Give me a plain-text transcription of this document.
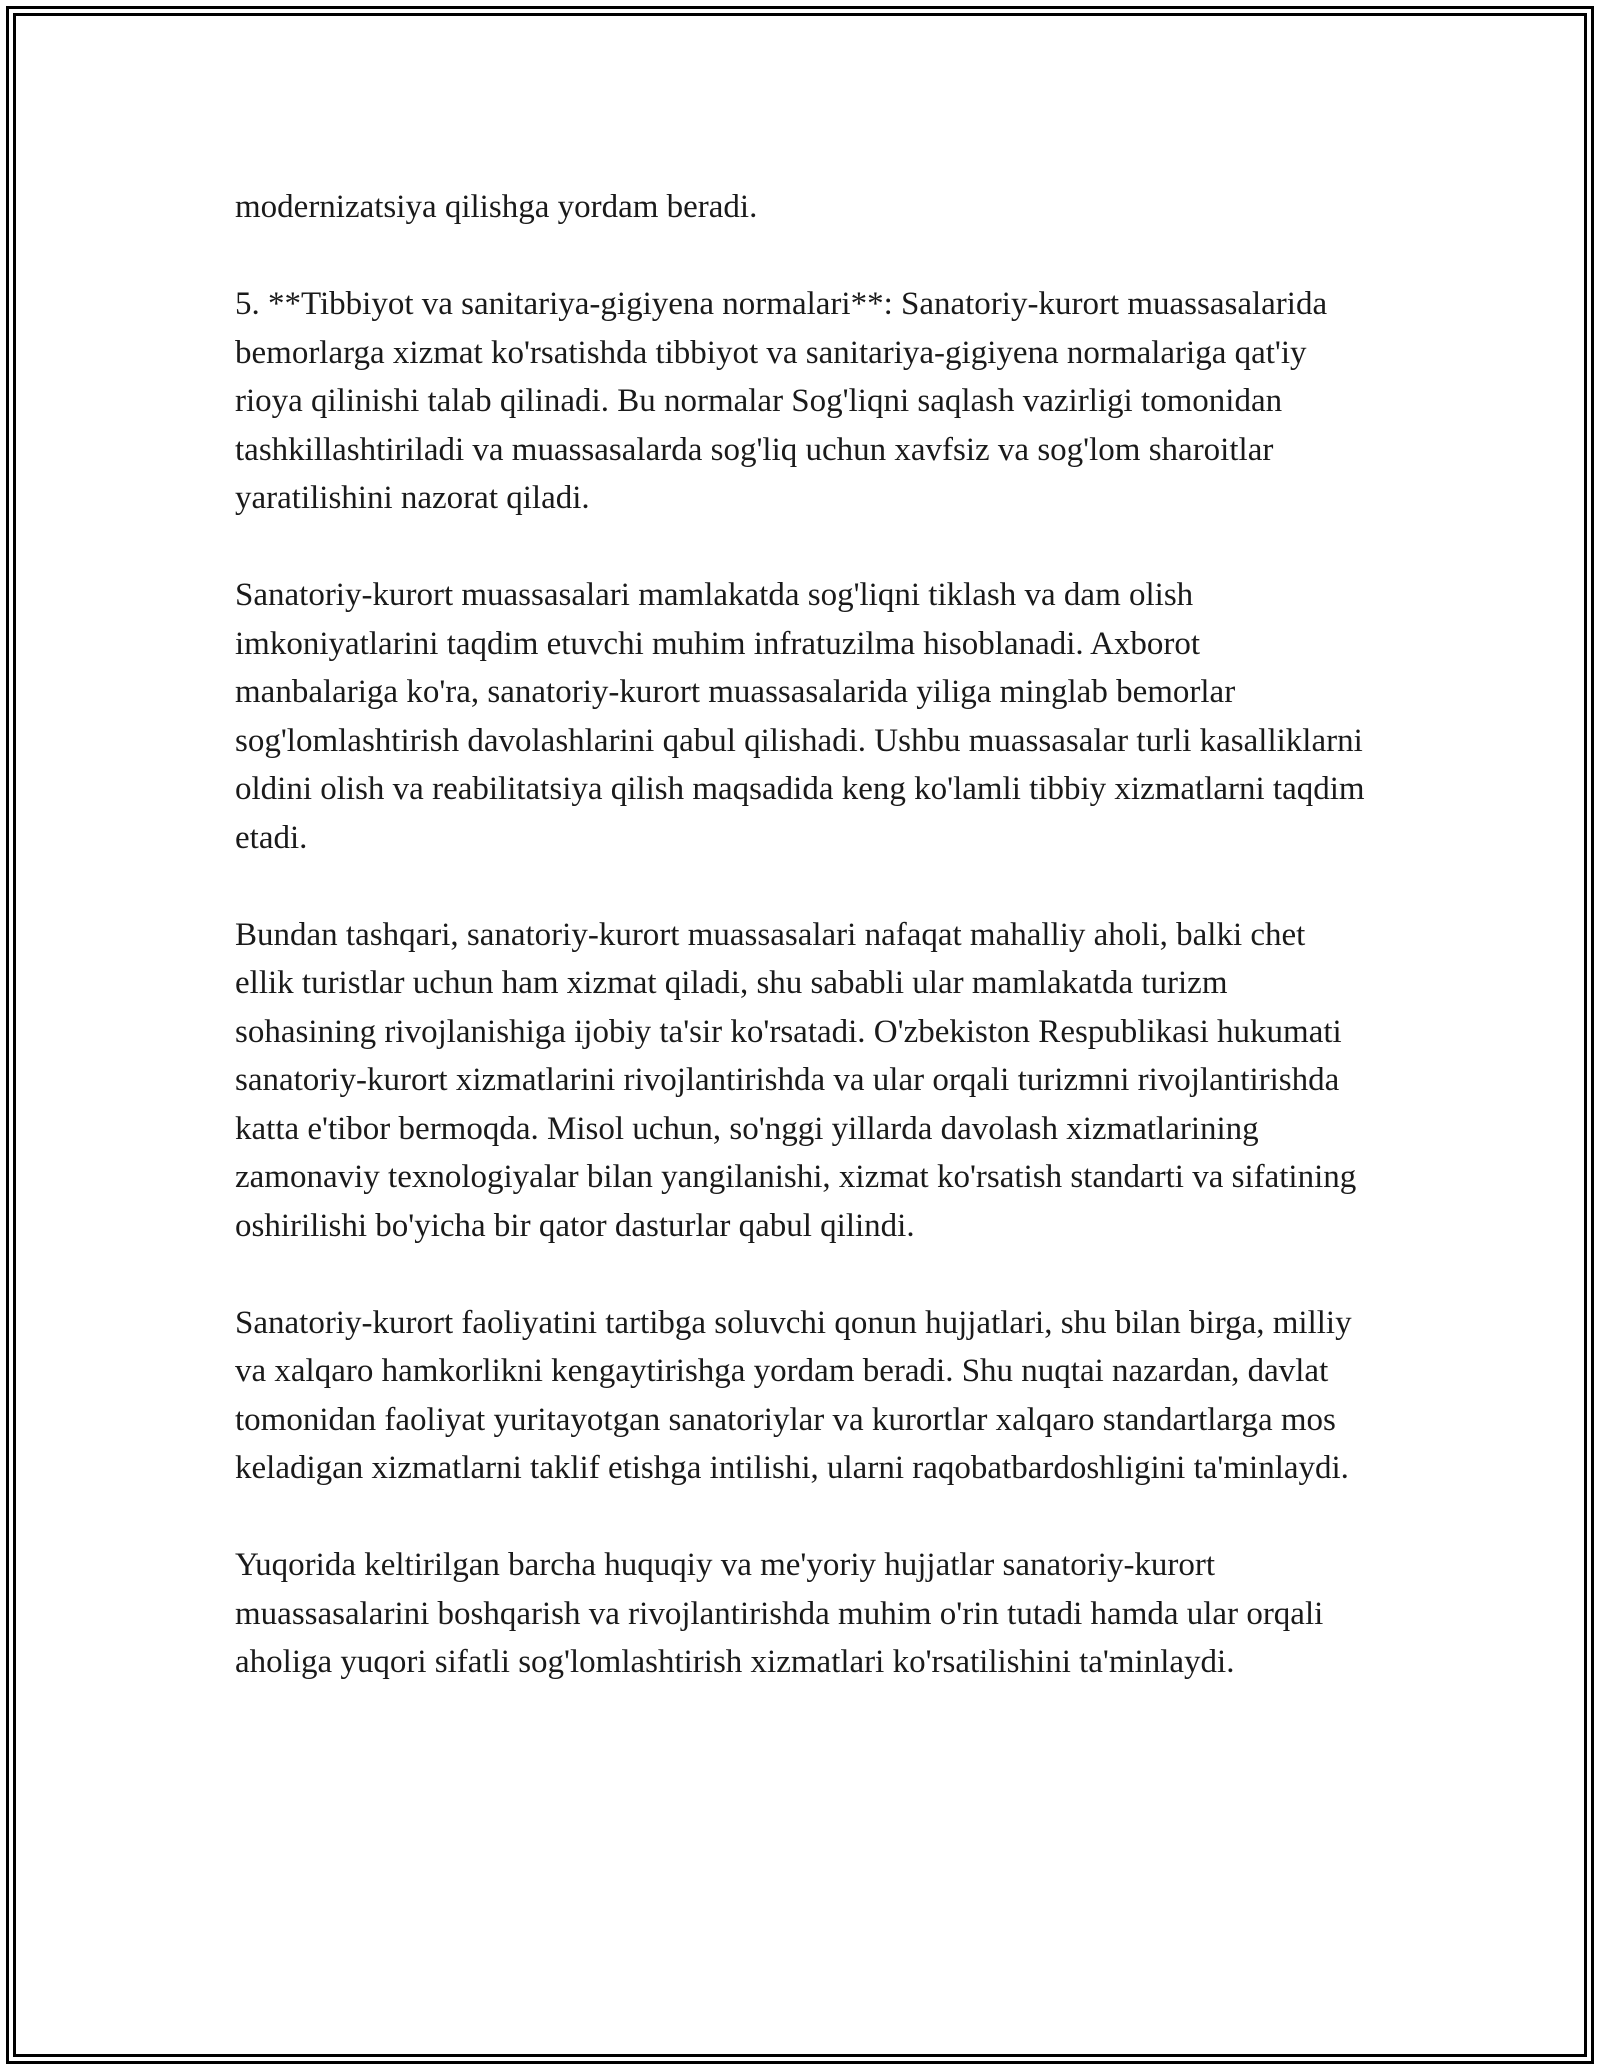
modernizatsiya qilishga yordam beradi.

5. **Tibbiyot va sanitariya-gigiyena normalari**: Sanatoriy-kurort muassasalarida bemorlarga xizmat ko'rsatishda tibbiyot va sanitariya-gigiyena normalariga qat'iy rioya qilinishi talab qilinadi. Bu normalar Sog'liqni saqlash vazirligi tomonidan tashkillashtiriladi va muassasalarda sog'liq uchun xavfsiz va sog'lom sharoitlar yaratilishini nazorat qiladi.

Sanatoriy-kurort muassasalari mamlakatda sog'liqni tiklash va dam olish imkoniyatlarini taqdim etuvchi muhim infratuzilma hisoblanadi. Axborot manbalariga ko'ra, sanatoriy-kurort muassasalarida yiliga minglab bemorlar sog'lomlashtirish davolashlarini qabul qilishadi. Ushbu muassasalar turli kasalliklarni oldini olish va reabilitatsiya qilish maqsadida keng ko'lamli tibbiy xizmatlarni taqdim etadi.

Bundan tashqari, sanatoriy-kurort muassasalari nafaqat mahalliy aholi, balki chet ellik turistlar uchun ham xizmat qiladi, shu sababli ular mamlakatda turizm sohasining rivojlanishiga ijobiy ta'sir ko'rsatadi. O'zbekiston Respublikasi hukumati sanatoriy-kurort xizmatlarini rivojlantirishda va ular orqali turizmni rivojlantirishda katta e'tibor bermoqda. Misol uchun, so'nggi yillarda davolash xizmatlarining zamonaviy texnologiyalar bilan yangilanishi, xizmat ko'rsatish standarti va sifatining oshirilishi bo'yicha bir qator dasturlar qabul qilindi.

Sanatoriy-kurort faoliyatini tartibga soluvchi qonun hujjatlari, shu bilan birga, milliy va xalqaro hamkorlikni kengaytirishga yordam beradi. Shu nuqtai nazardan, davlat tomonidan faoliyat yuritayotgan sanatoriylar va kurortlar xalqaro standartlarga mos keladigan xizmatlarni taklif etishga intilishi, ularni raqobatbardoshligini ta'minlaydi.

Yuqorida keltirilgan barcha huquqiy va me'yoriy hujjatlar sanatoriy-kurort muassasalarini boshqarish va rivojlantirishda muhim o'rin tutadi hamda ular orqali aholiga yuqori sifatli sog'lomlashtirish xizmatlari ko'rsatilishini ta'minlaydi.
